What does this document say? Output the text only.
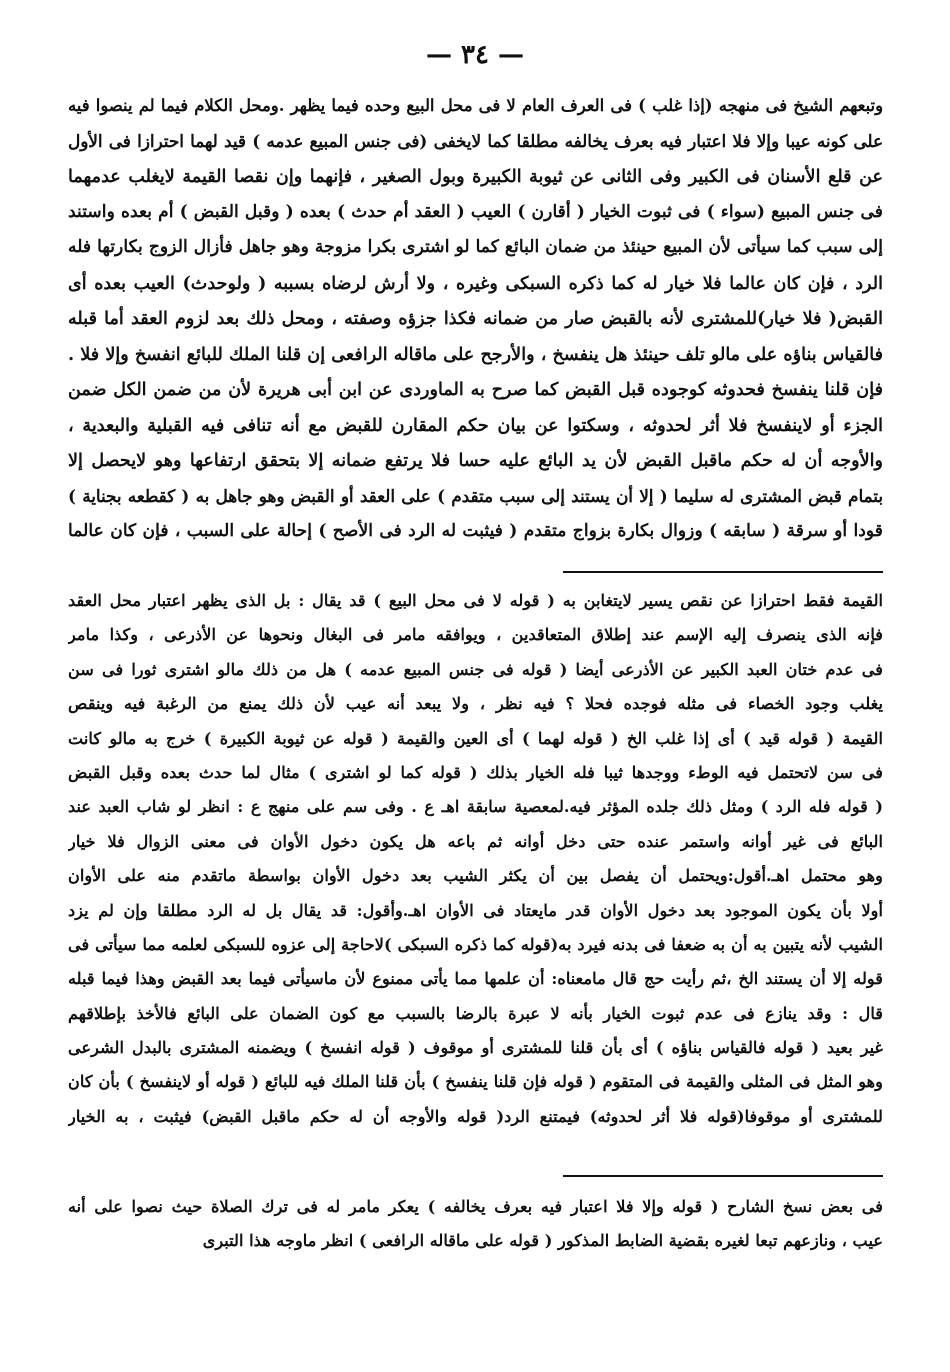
— ٣٤ —
وتبعهم الشيخ فى منهجه (إذا غلب ) فى العرف العام لا فى محل البيع وحده فيما يظهر .ومحل الكلام فيما لم ينصوا فيه
على كونه عيبا وإلا فلا اعتبار فيه بعرف يخالفه مطلقا كما لايخفى (فى جنس المبيع عدمه ) قيد لهما احترازا فى الأول
عن قلع الأسنان فى الكبير وفى الثانى عن ثيوبة الكبيرة وبول الصغير ، فإنهما وإن نقصا القيمة لايغلب عدمهما
فى جنس المبيع (سواء ) فى ثبوت الخيار ( أقارن ) العيب ( العقد أم حدث ) بعده ( وقبل القبض ) أم بعده واستند
إلى سبب كما سيأتى لأن المبيع حينئذ من ضمان البائع كما لو اشترى بكرا مزوجة وهو جاهل فأزال الزوج بكارتها فله
الرد ، فإن كان عالما فلا خيار له كما ذكره السبكى وغيره ، ولا أرش لرضاه بسببه ( ولوحدث) العيب بعده أى
القبض( فلا خيار)للمشترى لأنه بالقبض صار من ضمانه فكذا جزؤه وصفته ، ومحل ذلك بعد لزوم العقد أما قبله
فالقياس بناؤه على مالو تلف حينئذ هل ينفسخ ، والأرجح على ماقاله الرافعى إن قلنا الملك للبائع انفسخ وإلا فلا .
فإن قلنا ينفسخ فحدوثه كوجوده قبل القبض كما صرح به الماوردى عن ابن أبى هريرة لأن من ضمن الكل ضمن
الجزء أو لاينفسخ فلا أثر لحدوثه ، وسكتوا عن بيان حكم المقارن للقبض مع أنه تنافى فيه القبلية والبعدية ،
والأوجه أن له حكم ماقبل القبض لأن يد البائع عليه حسا فلا يرتفع ضمانه إلا بتحقق ارتفاعها وهو لايحصل إلا
بتمام قبض المشترى له سليما ( إلا أن يستند إلى سبب متقدم ) على العقد أو القبض وهو جاهل به ( كقطعه بجناية )
قودا أو سرقة ( سابقه ) وزوال بكارة بزواج متقدم ( فيثبت له الرد فى الأصح ) إحالة على السبب ، فإن كان عالما
القيمة فقط احترازا عن نقص يسير لايتغابن به ( قوله لا فى محل البيع ) قد يقال : بل الذى يظهر اعتبار محل العقد
فإنه الذى ينصرف إليه الإسم عند إطلاق المتعاقدين ، ويوافقه مامر فى البغال ونحوها عن الأذرعى ، وكذا مامر
فى عدم ختان العبد الكبير عن الأذرعى أيضا ( قوله فى جنس المبيع عدمه ) هل من ذلك مالو اشترى ثورا فى سن
يغلب وجود الخصاء فى مثله فوجده فحلا ؟ فيه نظر ، ولا يبعد أنه عيب لأن ذلك يمنع من الرغبة فيه وينقص
القيمة ( قوله قيد ) أى إذا غلب الخ ( قوله لهما ) أى العين والقيمة ( قوله عن ثيوبة الكبيرة ) خرج به مالو كانت
فى سن لاتحتمل فيه الوطء ووجدها ثيبا فله الخيار بذلك ( قوله كما لو اشترى ) مثال لما حدث بعده وقبل القبض
( قوله فله الرد ) ومثل ذلك جلده المؤثر فيه.لمعصية سابقة اهـ ع . وفى سم على منهج ع : انظر لو شاب العبد عند
البائع فى غير أوانه واستمر عنده حتى دخل أوانه ثم باعه هل يكون دخول الأوان فى معنى الزوال فلا خيار
وهو محتمل اهـ.أقول:ويحتمل أن يفصل بين أن يكثر الشيب بعد دخول الأوان بواسطة ماتقدم منه على الأوان
أولا بأن يكون الموجود بعد دخول الأوان قدر مايعتاد فى الأوان اهـ.وأقول: قد يقال بل له الرد مطلقا وإن لم يزد
الشيب لأنه يتبين به أن به ضعفا فى بدنه فيرد به(قوله كما ذكره السبكى )لاحاجة إلى عزوه للسبكى لعلمه مما سيأتى فى
قوله إلا أن يستند الخ ،ثم رأيت حج قال مامعناه: أن علمها مما يأتى ممنوع لأن ماسيأتى فيما بعد القبض وهذا فيما قبله
قال : وقد ينازع فى عدم ثبوت الخيار بأنه لا عبرة بالرضا بالسبب مع كون الضمان على البائع فالأخذ بإطلاقهم
غير بعيد ( قوله فالقياس بناؤه ) أى بأن قلنا للمشترى أو موقوف ( قوله انفسخ ) ويضمنه المشترى بالبدل الشرعى
وهو المثل فى المثلى والقيمة فى المتقوم ( قوله فإن قلنا ينفسخ ) بأن قلنا الملك فيه للبائع ( قوله أو لاينفسخ ) بأن كان
للمشترى أو موقوفا(قوله فلا أثر لحدوثه) فيمتنع الرد( قوله والأوجه أن له حكم ماقبل القبض) فيثبت ، به الخيار
فى بعض نسخ الشارح ( قوله وإلا فلا اعتبار فيه بعرف يخالفه ) يعكر مامر له فى ترك الصلاة حيث نصوا على أنه
عيب ، ونازعهم تبعا لغيره بقضية الضابط المذكور ( قوله على ماقاله الرافعى ) انظر ماوجه هذا التبرى
